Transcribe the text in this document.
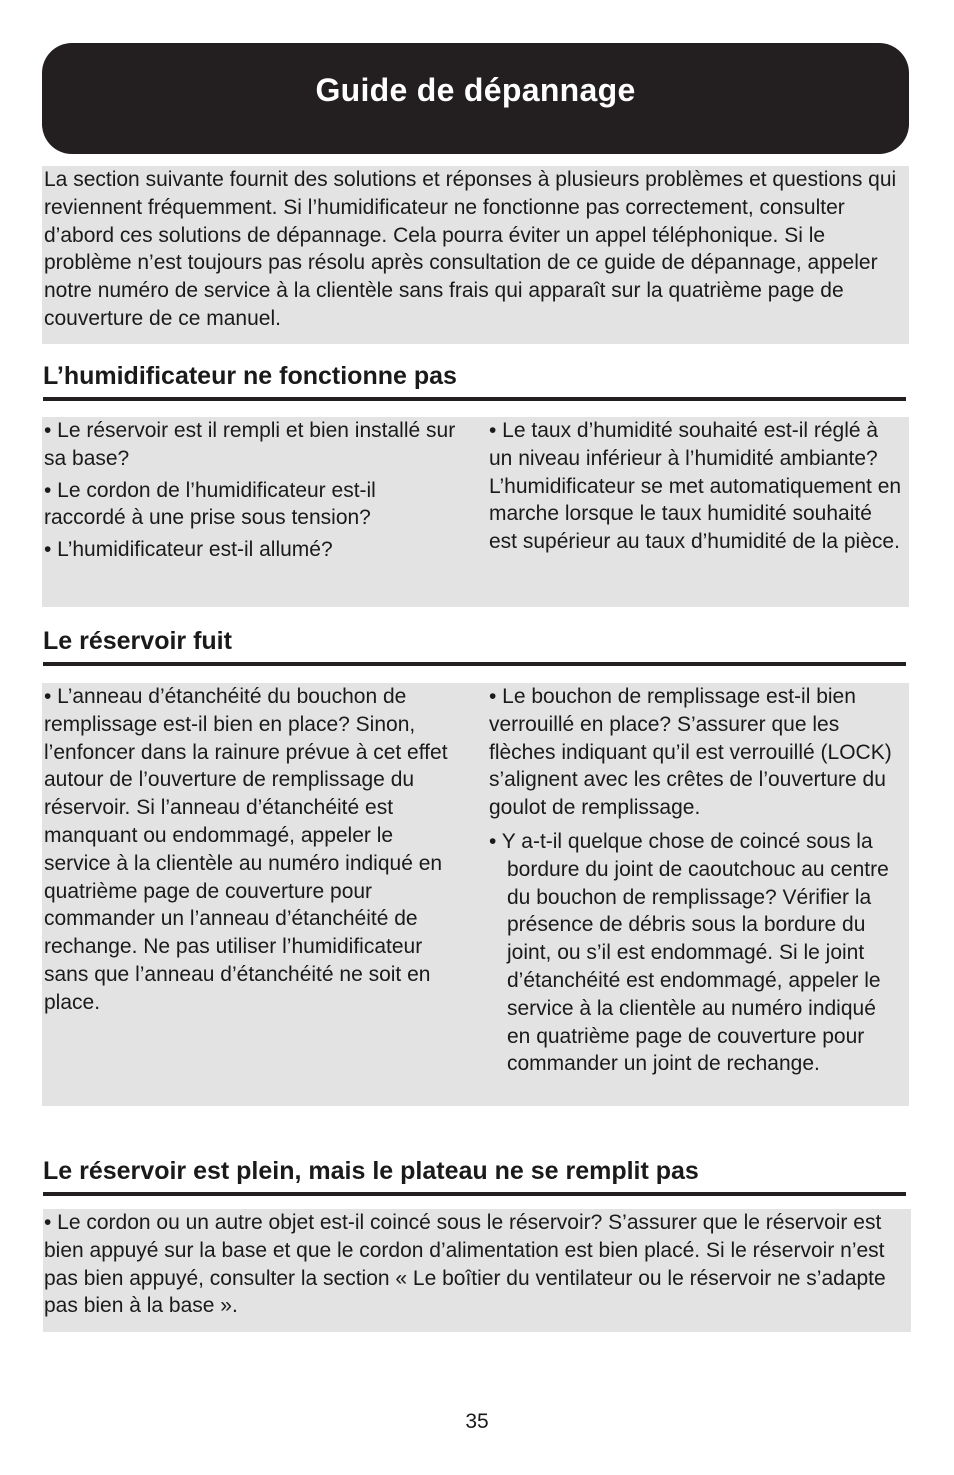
Guide de dépannage
La section suivante fournit des solutions et réponses à plusieurs problèmes et questions qui reviennent fréquemment. Si l’humidificateur ne fonctionne pas correctement, consulter d’abord ces solutions de dépannage. Cela pourra éviter un appel téléphonique. Si le problème n’est toujours pas résolu après consultation de ce guide de dépannage, appeler notre numéro de service à la clientèle sans frais qui apparaît sur la quatrième page de couverture de ce manuel.
L’humidificateur ne fonctionne pas

• Le réservoir est il rempli et bien installé sur sa base?

• Le cordon de l’humidificateur est-il raccordé à une prise sous tension?

• L’humidificateur est-il allumé?

• Le taux d’humidité souhaité est-il réglé à un niveau inférieur à l’humidité ambiante? L’humidificateur se met automatiquement en marche lorsque le taux humidité souhaité est supérieur au taux d’humidité de la pièce.

Le réservoir fuit

• L’anneau d’étanchéité du bouchon de remplissage est-il bien en place? Sinon, l’enfoncer dans la rainure prévue à cet effet autour de l’ouverture de remplissage du réservoir. Si l’anneau d’étanchéité est manquant ou endommagé, appeler le service à la clientèle au numéro indiqué en quatrième page de couverture pour commander un l’anneau d’étanchéité de rechange. Ne pas utiliser l’humidificateur sans que l’anneau d’étanchéité ne soit en place.

• Le bouchon de remplissage est-il bien verrouillé en place? S’assurer que les flèches indiquant qu’il est verrouillé (LOCK) s’alignent avec les crêtes de l’ouverture du goulot de remplissage.

• Y a-t-il quelque chose de coincé sous la bordure du joint de caoutchouc au centre du bouchon de remplissage? Vérifier la présence de débris sous la bordure du joint, ou s’il est endommagé. Si le joint d’étanchéité est endommagé, appeler le service à la clientèle au numéro indiqué en quatrième page de couverture pour commander un joint de rechange.

Le réservoir est plein, mais le plateau ne se remplit pas
• Le cordon ou un autre objet est-il coincé sous le réservoir? S’assurer que le réservoir est bien appuyé sur la base et que le cordon d’alimentation est bien placé. Si le réservoir n’est pas bien appuyé, consulter la section « Le boîtier du ventilateur ou le réservoir ne s’adapte pas bien à la base ».
35
